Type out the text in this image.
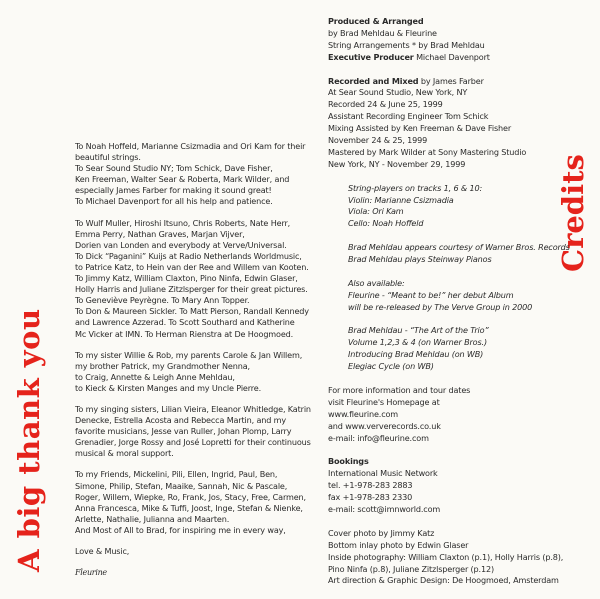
A big thank you
Credits

To Noah Hoffeld, Marianne Csizmadia and Ori Kam for their
beautiful strings.
To Sear Sound Studio NY; Tom Schick, Dave Fisher,
Ken Freeman, Walter Sear & Roberta, Mark Wilder, and
especially James Farber for making it sound great!
To Michael Davenport for all his help and patience.

To Wulf Muller, Hiroshi Itsuno, Chris Roberts, Nate Herr,
Emma Perry, Nathan Graves, Marjan Vijver,
Dorien van Londen and everybody at Verve/Universal.
To Dick “Paganini” Kuijs at Radio Netherlands Worldmusic,
to Patrice Katz, to Hein van der Ree and Willem van Kooten.
To Jimmy Katz, William Claxton, Pino Ninfa, Edwin Glaser,
Holly Harris and Juliane Zitzlsperger for their great pictures.
To Geneviève Peyrègne. To Mary Ann Topper.
To Don & Maureen Sickler. To Matt Pierson, Randall Kennedy
and Lawrence Azzerad. To Scott Southard and Katherine
Mc Vicker at IMN. To Herman Rienstra at De Hoogmoed.

To my sister Willie & Rob, my parents Carole & Jan Willem,
my brother Patrick, my Grandmother Nenna,
to Craig, Annette & Leigh Anne Mehldau,
to Kieck & Kirsten Manges and my Uncle Pierre.

To my singing sisters, Lilian Vieira, Eleanor Whitledge, Katrin
Denecke, Estrella Acosta and Rebecca Martin, and my
favorite musicians, Jesse van Ruller, Johan Plomp, Larry
Grenadier, Jorge Rossy and José Lopretti for their continuous
musical & moral support.

To my Friends, Mickelini, Pili, Ellen, Ingrid, Paul, Ben,
Simone, Philip, Stefan, Maaike, Sannah, Nic & Pascale,
Roger, Willem, Wiepke, Ro, Frank, Jos, Stacy, Free, Carmen,
Anna Francesca, Mike & Tuffi, Joost, Inge, Stefan & Nienke,
Arlette, Nathalie, Julianna and Maarten.
And Most of All to Brad, for inspiring me in every way,

Love & Music,

Fleurine

Produced & Arranged
by Brad Mehldau & Fleurine
String Arrangements * by Brad Mehldau
Executive Producer Michael Davenport

Recorded and Mixed by James Farber
At Sear Sound Studio, New York, NY
Recorded 24 & June 25, 1999
Assistant Recording Engineer Tom Schick
Mixing Assisted by Ken Freeman & Dave Fisher
November 24 & 25, 1999
Mastered by Mark Wilder at Sony Mastering Studio
New York, NY - November 29, 1999

String-players on tracks 1, 6 & 10:
Violin: Marianne Csizmadia
Viola: Ori Kam
Cello: Noah Hoffeld

Brad Mehldau appears courtesy of Warner Bros. Records
Brad Mehldau plays Steinway Pianos

Also available:
Fleurine - “Meant to be!” her debut Album
will be re-released by The Verve Group in 2000

Brad Mehldau - “The Art of the Trio”
Volume 1,2,3 & 4 (on Warner Bros.)
Introducing Brad Mehldau (on WB)
Elegiac Cycle (on WB)

For more information and tour dates
visit Fleurine's Homepage at
www.fleurine.com
and www.ververecords.co.uk
e-mail: info@fleurine.com

Bookings
International Music Network
tel. +1-978-283 2883
fax +1-978-283 2330
e-mail: scott@imnworld.com

Cover photo by Jimmy Katz
Bottom inlay photo by Edwin Glaser
Inside photography: William Claxton (p.1), Holly Harris (p.8),
Pino Ninfa (p.8), Juliane Zitzlsperger (p.12)
Art direction & Graphic Design: De Hoogmoed, Amsterdam
